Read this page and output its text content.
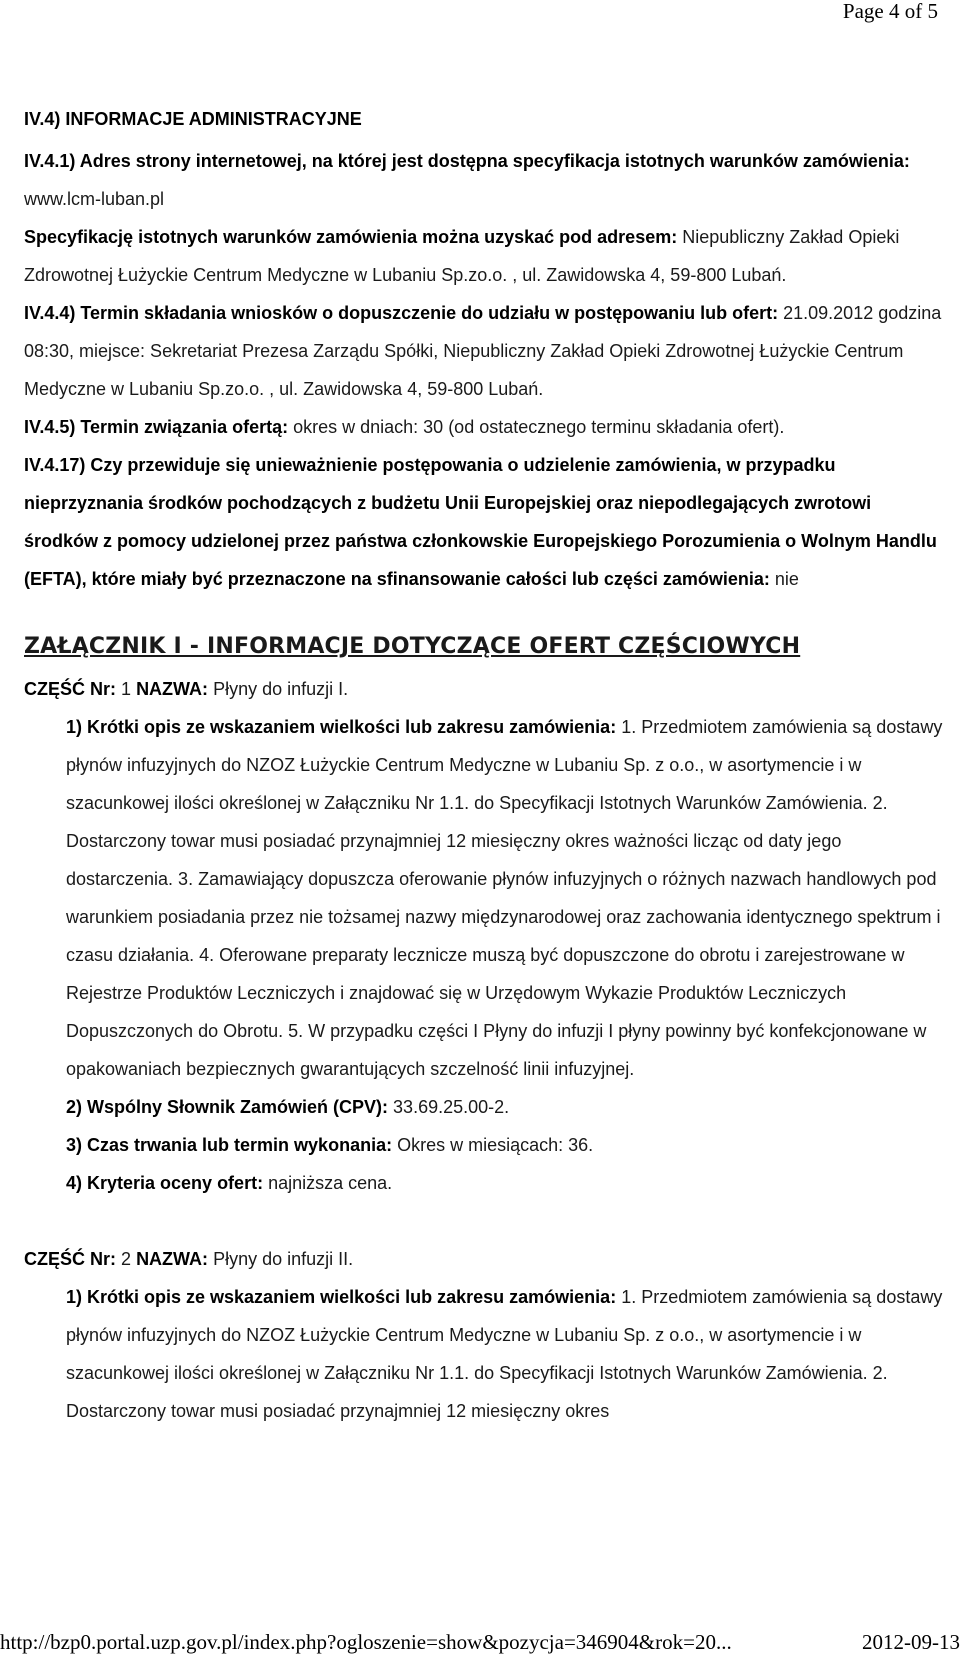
Page 4 of 5

IV.4) INFORMACJE ADMINISTRACYJNE

IV.4.1) Adres strony internetowej, na której jest dostępna specyfikacja istotnych warunków zamówienia: www.lcm-luban.pl

Specyfikację istotnych warunków zamówienia można uzyskać pod adresem: Niepubliczny Zakład Opieki Zdrowotnej Łużyckie Centrum Medyczne w Lubaniu Sp.zo.o. , ul. Zawidowska 4, 59-800 Lubań.

IV.4.4) Termin składania wniosków o dopuszczenie do udziału w postępowaniu lub ofert: 21.09.2012 godzina 08:30, miejsce: Sekretariat Prezesa Zarządu Spółki, Niepubliczny Zakład Opieki Zdrowotnej Łużyckie Centrum Medyczne w Lubaniu Sp.zo.o. , ul. Zawidowska 4, 59-800 Lubań.

IV.4.5) Termin związania ofertą: okres w dniach: 30 (od ostatecznego terminu składania ofert).

IV.4.17) Czy przewiduje się unieważnienie postępowania o udzielenie zamówienia, w przypadku nieprzyznania środków pochodzących z budżetu Unii Europejskiej oraz niepodlegających zwrotowi środków z pomocy udzielonej przez państwa członkowskie Europejskiego Porozumienia o Wolnym Handlu (EFTA), które miały być przeznaczone na sfinansowanie całości lub części zamówienia: nie

ZAŁĄCZNIK I - INFORMACJE DOTYCZĄCE OFERT CZĘŚCIOWYCH

CZĘŚĆ Nr: 1 NAZWA: Płyny do infuzji I.

1) Krótki opis ze wskazaniem wielkości lub zakresu zamówienia: 1. Przedmiotem zamówienia są dostawy płynów infuzyjnych do NZOZ Łużyckie Centrum Medyczne w Lubaniu Sp. z o.o., w asortymencie i w szacunkowej ilości określonej w Załączniku Nr 1.1. do Specyfikacji Istotnych Warunków Zamówienia. 2. Dostarczony towar musi posiadać przynajmniej 12 miesięczny okres ważności licząc od daty jego dostarczenia. 3. Zamawiający dopuszcza oferowanie płynów infuzyjnych o różnych nazwach handlowych pod warunkiem posiadania przez nie tożsamej nazwy międzynarodowej oraz zachowania identycznego spektrum i czasu działania. 4. Oferowane preparaty lecznicze muszą być dopuszczone do obrotu i zarejestrowane w Rejestrze Produktów Leczniczych i znajdować się w Urzędowym Wykazie Produktów Leczniczych Dopuszczonych do Obrotu. 5. W przypadku części I Płyny do infuzji I płyny powinny być konfekcjonowane w opakowaniach bezpiecznych gwarantujących szczelność linii infuzyjnej.

2) Wspólny Słownik Zamówień (CPV): 33.69.25.00-2.

3) Czas trwania lub termin wykonania: Okres w miesiącach: 36.

4) Kryteria oceny ofert: najniższa cena.

CZĘŚĆ Nr: 2 NAZWA: Płyny do infuzji II.

1) Krótki opis ze wskazaniem wielkości lub zakresu zamówienia: 1. Przedmiotem zamówienia są dostawy płynów infuzyjnych do NZOZ Łużyckie Centrum Medyczne w Lubaniu Sp. z o.o., w asortymencie i w szacunkowej ilości określonej w Załączniku Nr 1.1. do Specyfikacji Istotnych Warunków Zamówienia. 2. Dostarczony towar musi posiadać przynajmniej 12 miesięczny okres

http://bzp0.portal.uzp.gov.pl/index.php?ogloszenie=show&pozycja=346904&rok=20...	2012-09-13
